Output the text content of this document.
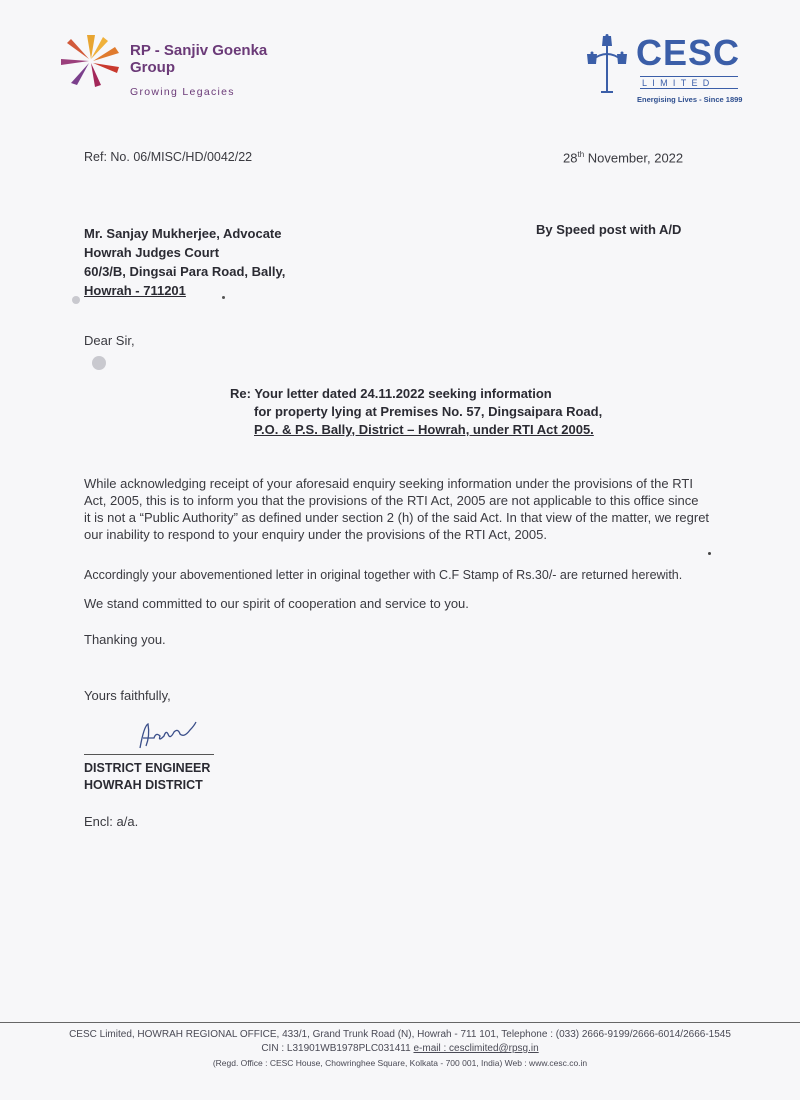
RP - Sanjiv Goenka Group
Growing Legacies
CESC
LIMITED
Energising Lives - Since 1899
Ref: No. 06/MISC/HD/0042/22	28th November, 2022
Mr. Sanjay Mukherjee, Advocate
Howrah Judges Court
60/3/B, Dingsai Para Road, Bally,
Howrah - 711201
By Speed post with A/D
Dear Sir,
Re: Your letter dated 24.11.2022 seeking information
for property lying at Premises No. 57, Dingsaipara Road,
P.O. & P.S. Bally, District – Howrah, under RTI Act 2005.
While acknowledging receipt of your aforesaid enquiry seeking information under the provisions of the RTI
Act, 2005, this is to inform you that the provisions of the RTI Act, 2005 are not applicable to this office since
it is not a “Public Authority” as defined under section 2 (h) of the said Act. In that view of the matter, we regret
our inability to respond to your enquiry under the provisions of the RTI Act, 2005.
Accordingly your abovementioned letter in original together with C.F Stamp of Rs.30/- are returned herewith.
We stand committed to our spirit of cooperation and service to you.
Thanking you.
Yours faithfully,
DISTRICT ENGINEER
HOWRAH DISTRICT
Encl: a/a.
CESC Limited, HOWRAH REGIONAL OFFICE, 433/1, Grand Trunk Road (N), Howrah - 711 101, Telephone : (033) 2666-9199/2666-6014/2666-1545
CIN : L31901WB1978PLC031411 e-mail : cesclimited@rpsg.in
(Regd. Office : CESC House, Chowringhee Square, Kolkata - 700 001, India) Web : www.cesc.co.in
